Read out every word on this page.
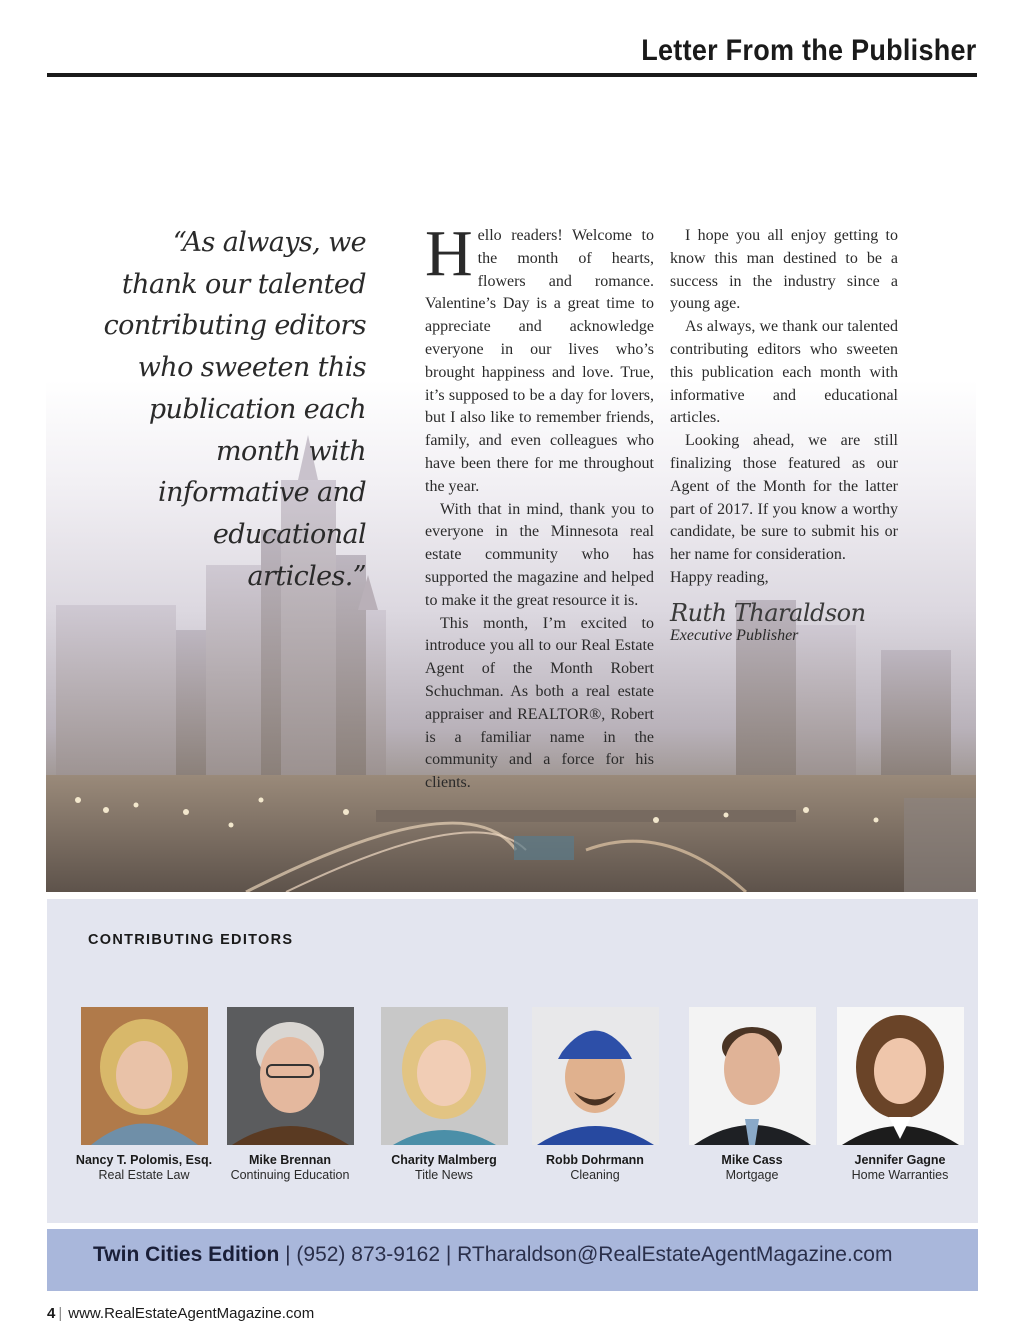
Letter From the Publisher
“As always, we thank our talented contributing editors who sweeten this publication each month with informative and educational articles.”

Hello readers! Welcome to the month of hearts, flowers and romance. Valentine’s Day is a great time to appreciate and acknowledge everyone in our lives who’s brought happiness and love. True, it’s supposed to be a day for lovers, but I also like to remember friends, family, and even colleagues who have been there for me throughout the year.

With that in mind, thank you to everyone in the Minnesota real estate community who has supported the magazine and helped to make it the great resource it is.

This month, I’m excited to introduce you all to our Real Estate Agent of the Month Robert Schuchman. As both a real estate appraiser and REALTOR®, Robert is a familiar name in the community and a force for his clients.

I hope you all enjoy getting to know this man destined to be a success in the industry since a young age.

As always, we thank our talented contributing editors who sweeten this publication each month with informative and educational articles.

Looking ahead, we are still finalizing those featured as our Agent of the Month for the latter part of 2017. If you know a worthy candidate, be sure to submit his or her name for consideration.

Happy reading,

Ruth Tharaldson
Executive Publisher
CONTRIBUTING EDITORS
Nancy T. Polomis, Esq.
Real Estate Law
Mike Brennan
Continuing Education
Charity Malmberg
Title News
Robb Dohrmann
Cleaning
Mike Cass
Mortgage
Jennifer Gagne
Home Warranties
Twin Cities Edition | (952) 873-9162 | RTharaldson@RealEstateAgentMagazine.com
4 | www.RealEstateAgentMagazine.com
